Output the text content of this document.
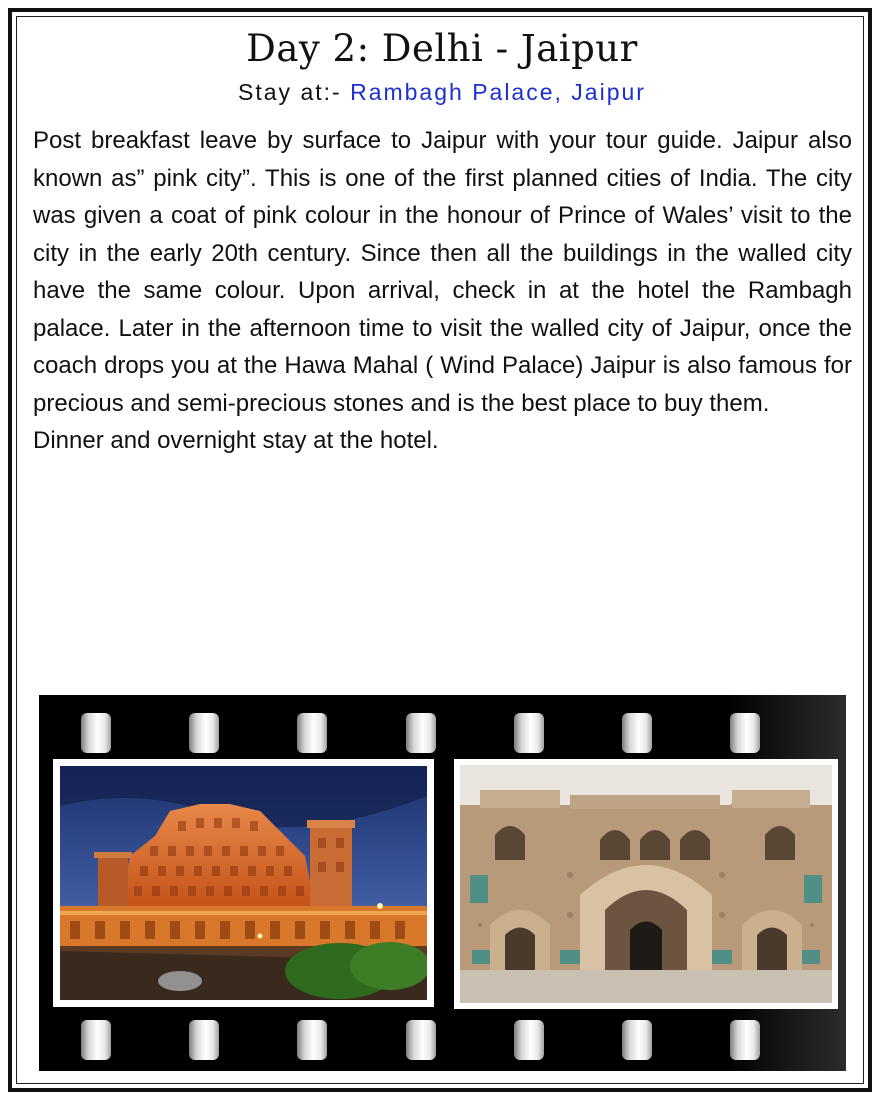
Day 2: Delhi - Jaipur
Stay at:- Rambagh Palace, Jaipur

Post breakfast leave by surface to Jaipur with your tour guide. Jaipur also known as” pink city”. This is one of the first planned cities of India. The city was given a coat of pink colour in the honour of Prince of Wales’ visit to the city in the early 20th century. Since then all the buildings in the walled city have the same colour. Upon arrival, check in at the hotel the Rambagh palace. Later in the afternoon time to visit the walled city of Jaipur, once the coach drops you at the Hawa Mahal ( Wind Palace) Jaipur is also famous for precious and semi-precious stones and is the best place to buy them.

Dinner and overnight stay at the hotel.
